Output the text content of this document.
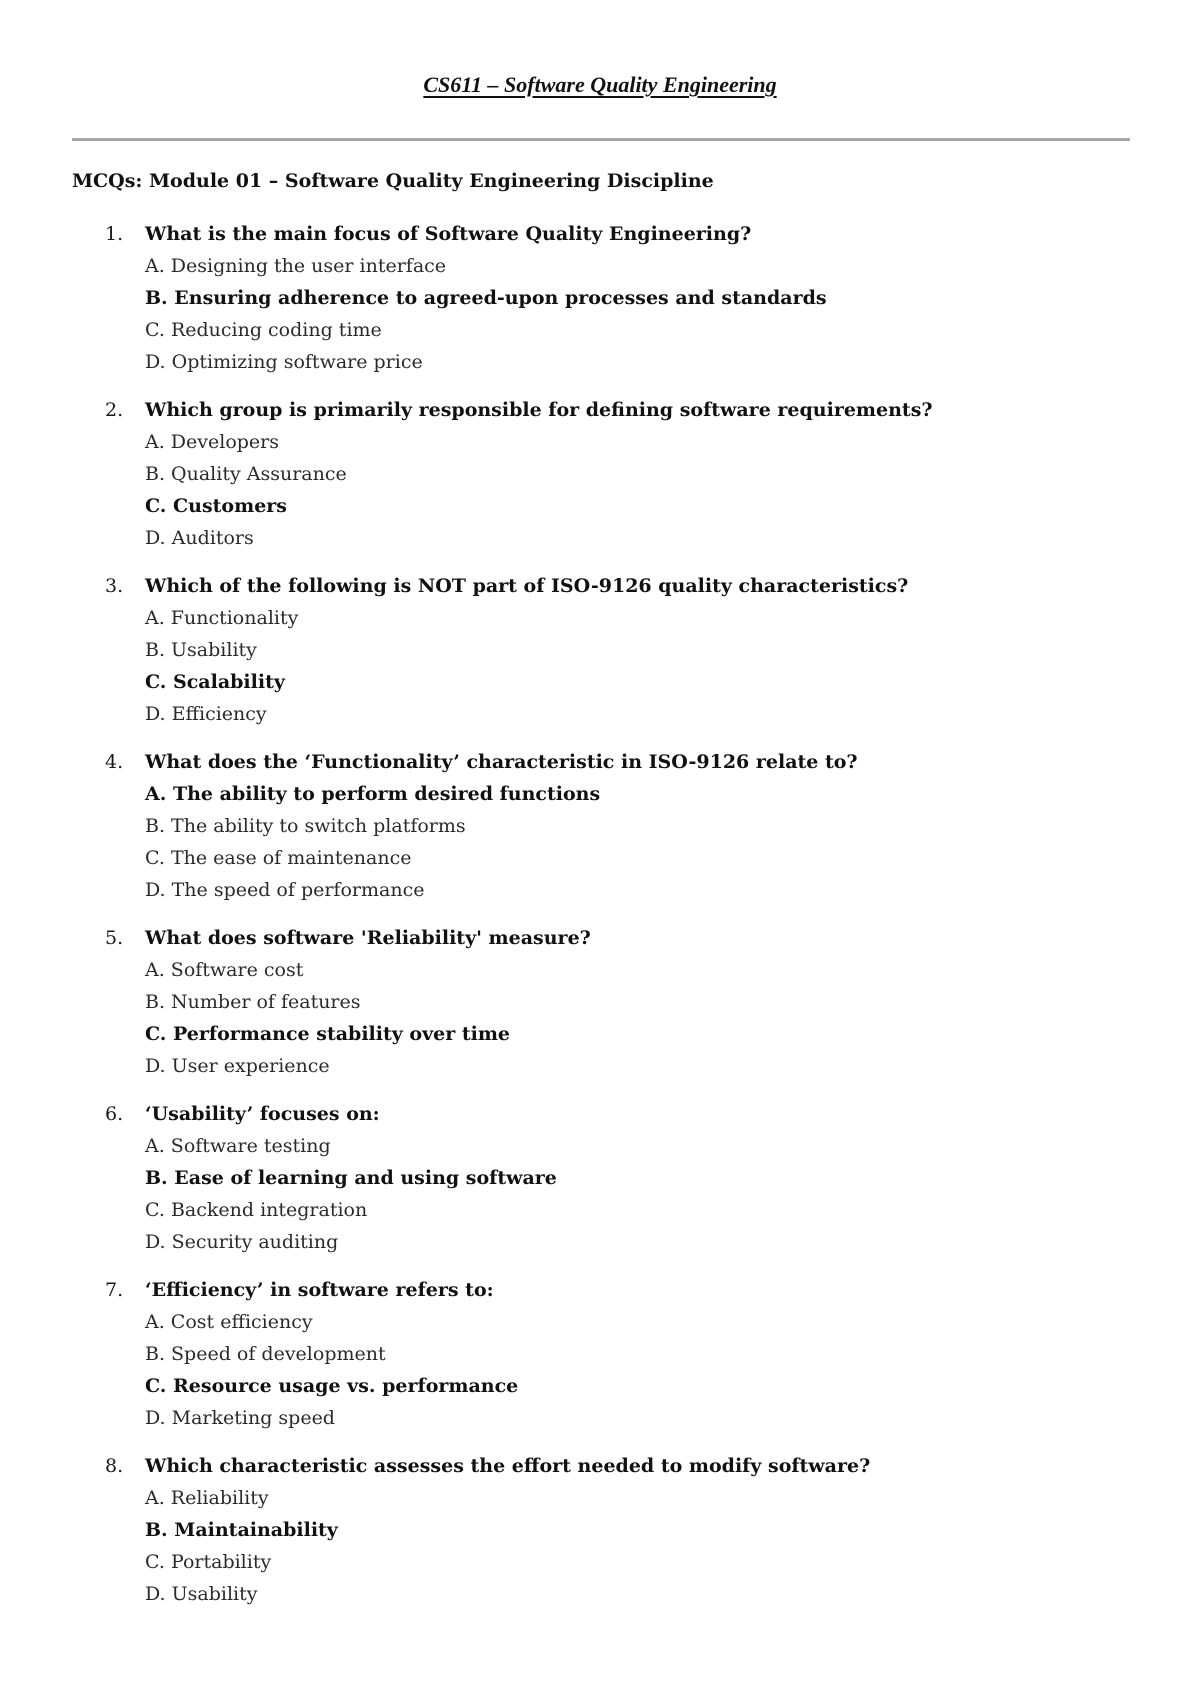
CS611 – Software Quality Engineering
MCQs: Module 01 – Software Quality Engineering Discipline
1. What is the main focus of Software Quality Engineering?
A. Designing the user interface
B. Ensuring adherence to agreed-upon processes and standards
C. Reducing coding time
D. Optimizing software price
2. Which group is primarily responsible for defining software requirements?
A. Developers
B. Quality Assurance
C. Customers
D. Auditors
3. Which of the following is NOT part of ISO-9126 quality characteristics?
A. Functionality
B. Usability
C. Scalability
D. Efficiency
4. What does the ‘Functionality’ characteristic in ISO-9126 relate to?
A. The ability to perform desired functions
B. The ability to switch platforms
C. The ease of maintenance
D. The speed of performance
5. What does software 'Reliability' measure?
A. Software cost
B. Number of features
C. Performance stability over time
D. User experience
6. ‘Usability’ focuses on:
A. Software testing
B. Ease of learning and using software
C. Backend integration
D. Security auditing
7. ‘Efficiency’ in software refers to:
A. Cost efficiency
B. Speed of development
C. Resource usage vs. performance
D. Marketing speed
8. Which characteristic assesses the effort needed to modify software?
A. Reliability
B. Maintainability
C. Portability
D. Usability
